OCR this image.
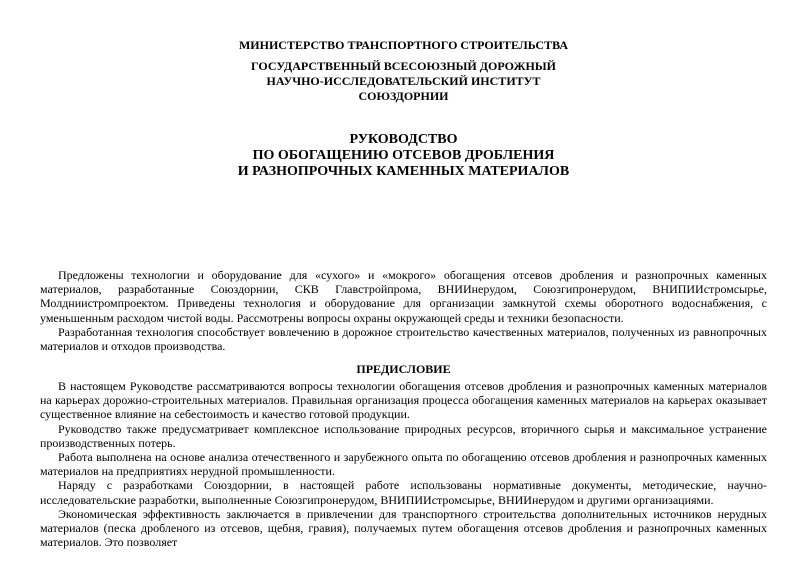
МИНИСТЕРСТВО ТРАНСПОРТНОГО СТРОИТЕЛЬСТВА
ГОСУДАРСТВЕННЫЙ ВСЕСОЮЗНЫЙ ДОРОЖНЫЙ
НАУЧНО-ИССЛЕДОВАТЕЛЬСКИЙ ИНСТИТУТ
СОЮЗДОРНИИ
РУКОВОДСТВО
ПО ОБОГАЩЕНИЮ ОТСЕВОВ ДРОБЛЕНИЯ
И РАЗНОПРОЧНЫХ КАМЕННЫХ МАТЕРИАЛОВ

Предложены технологии и оборудование для «сухого» и «мокрого» обогащения отсевов дробления и разнопрочных каменных материалов, разработанные Союздорнии, СКВ Главстройпрома, ВНИИнерудом, Союзгипронерудом, ВНИПИИстромсырье, Молдниистромпроектом. Приведены технология и оборудование для организации замкнутой схемы оборотного водоснабжения, с уменьшенным расходом чистой воды. Рассмотрены вопросы охраны окружающей среды и техники безопасности.

Разработанная технология способствует вовлечению в дорожное строительство качественных материалов, полученных из равнопрочных материалов и отходов производства.

ПРЕДИСЛОВИЕ

В настоящем Руководстве рассматриваются вопросы технологии обогащения отсевов дробления и разнопрочных каменных материалов на карьерах дорожно-строительных материалов. Правильная организация процесса обогащения каменных материалов на карьерах оказывает существенное влияние на себестоимость и качество готовой продукции.

Руководство также предусматривает комплексное использование природных ресурсов, вторичного сырья и максимальное устранение производственных потерь.

Работа выполнена на основе анализа отечественного и зарубежного опыта по обогащению отсевов дробления и разнопрочных каменных материалов на предприятиях нерудной промышленности.

Наряду с разработками Союздорнии, в настоящей работе использованы нормативные документы, методические, научно-исследовательские разработки, выполненные Союзгипронерудом, ВНИПИИстромсырье, ВНИИнерудом и другими организациями.

Экономическая эффективность заключается в привлечении для транспортного строительства дополнительных источников нерудных материалов (песка дробленого из отсевов, щебня, гравия), получаемых путем обогащения отсевов дробления и разнопрочных каменных материалов. Это позволяет
